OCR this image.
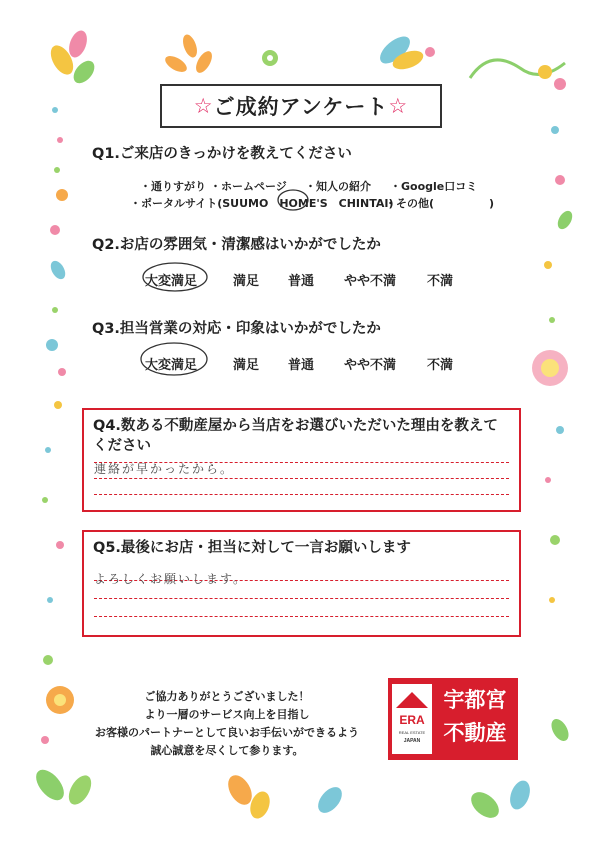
☆ ご成約アンケート ☆
Q1.ご来店のきっかけを教えてください
・通りすがり ・ホームページ ・知人の紹介 ・Google口コミ
・ポータルサイト(SUUMO　HOME'S　CHINTAI)
・その他(　　　　　)
Q2.お店の雰囲気・清潔感はいかがでしたか
大変満足	満足 普通 やや不満 不満
Q3.担当営業の対応・印象はいかがでしたか
大変満足	満足 普通 やや不満 不満
Q4.数ある不動産屋から当店をお選びいただいた理由を教えて
ください
連絡が早かったから。
Q5.最後にお店・担当に対して一言お願いします
よろしくお願いします。
ご協力ありがとうございました！
より一層のサービス向上を目指し
お客様のパートナーとして良いお手伝いができるよう
誠心誠意を尽くして参ります。
ERA
REAL ESTATE
JAPAN
宇都宮
不動産
